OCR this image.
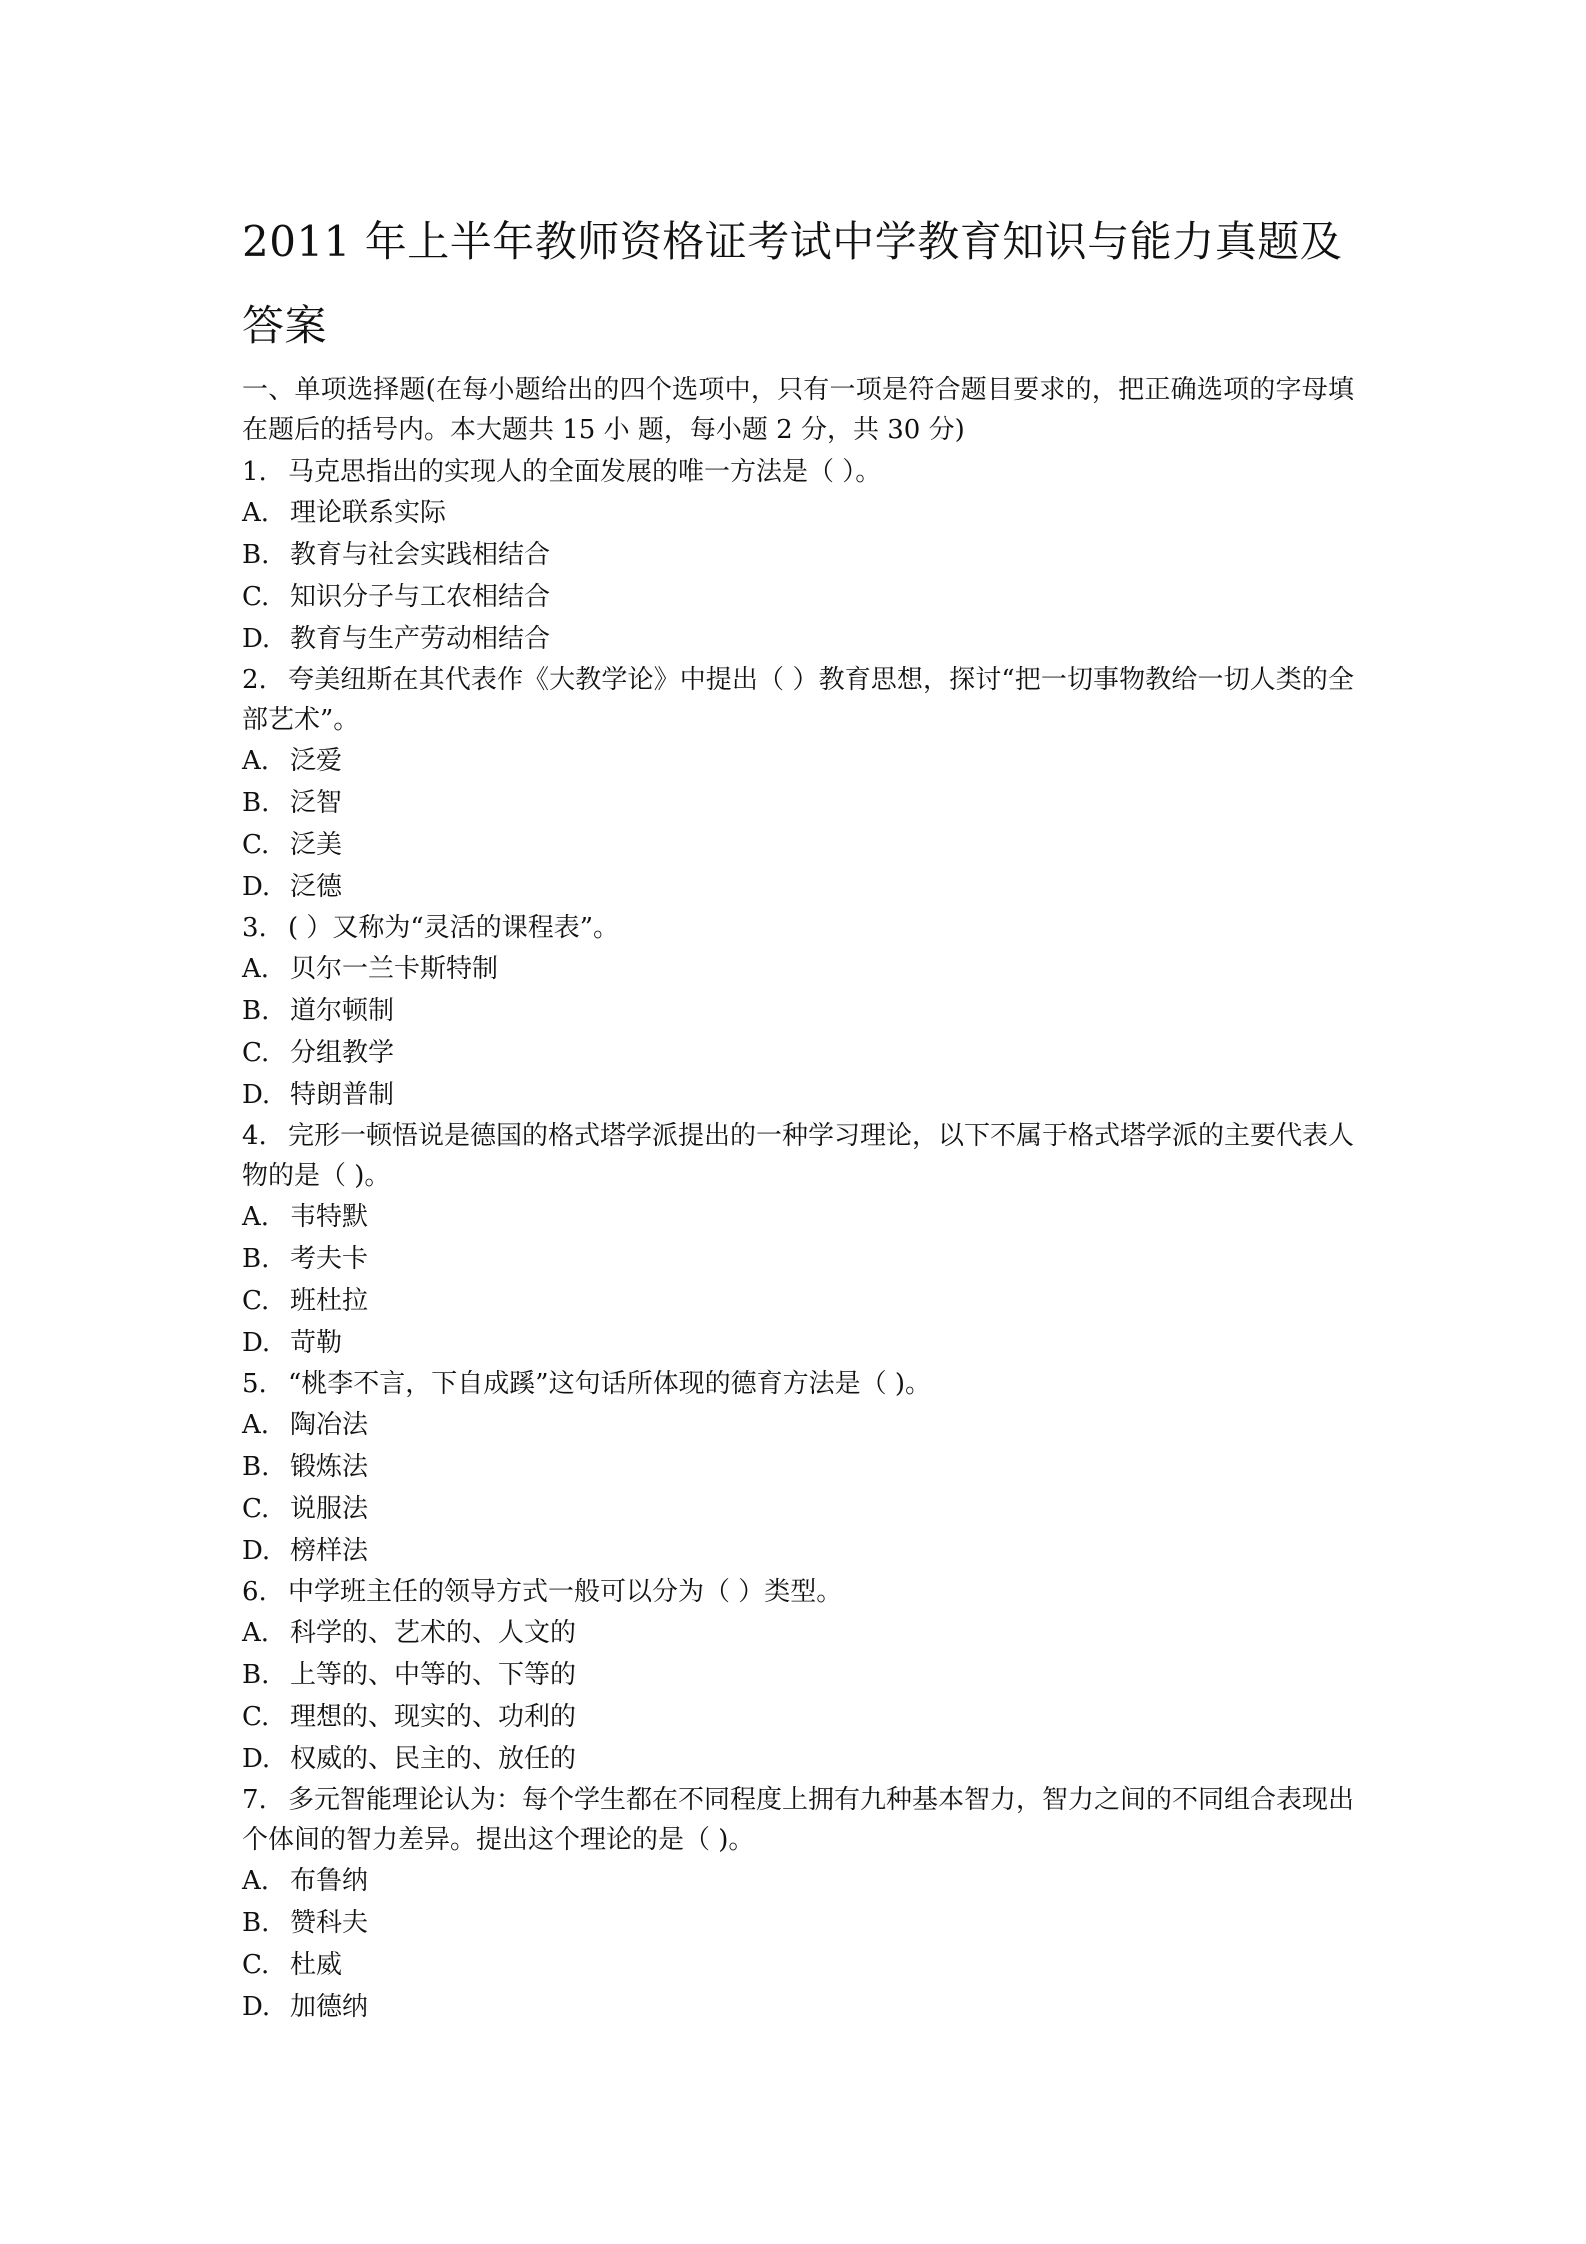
2011 年上半年教师资格证考试中学教育知识与能力真题及答案

一、单项选择题(在每小题给出的四个选项中，只有一项是符合题目要求的，把正确选项的字母填在题后的括号内。本大题共 15 小 题，每小题 2 分，共 30 分)

1. 马克思指出的实现人的全面发展的唯一方法是（ ）。

A. 理论联系实际

B. 教育与社会实践相结合

C. 知识分子与工农相结合

D. 教育与生产劳动相结合

2. 夸美纽斯在其代表作《大教学论》中提出（ ）教育思想，探讨“把一切事物教给一切人类的全部艺术”。

A. 泛爱

B. 泛智

C. 泛美

D. 泛德

3. ( ）又称为“灵活的课程表”。

A. 贝尔一兰卡斯特制

B. 道尔顿制

C. 分组教学

D. 特朗普制

4. 完形一顿悟说是德国的格式塔学派提出的一种学习理论，以下不属于格式塔学派的主要代表人物的是（ )。

A. 韦特默

B. 考夫卡

C. 班杜拉

D. 苛勒

5. “桃李不言，下自成蹊”这句话所体现的德育方法是（ )。

A. 陶冶法

B. 锻炼法

C. 说服法

D. 榜样法

6. 中学班主任的领导方式一般可以分为（ ）类型。

A. 科学的、艺术的、人文的

B. 上等的、中等的、下等的

C. 理想的、现实的、功利的

D. 权威的、民主的、放任的

7. 多元智能理论认为：每个学生都在不同程度上拥有九种基本智力，智力之间的不同组合表现出个体间的智力差异。提出这个理论的是（ )。

A. 布鲁纳

B. 赞科夫

C. 杜威

D. 加德纳
